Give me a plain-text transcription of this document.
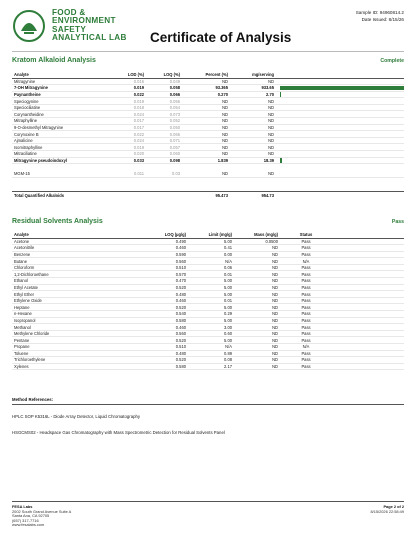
FOOD &
ENVIRONMENT
SAFETY
ANALYTICAL LAB
Sample ID: 94960814.2
Date Issued: 8/15/26
Certificate of Analysis
Kratom Alkaloid Analysis	Complete
Analyte	LOD (%)	LOQ (%)	Percent (%)	mg/serving	
Mitragynine	0.016	0.049	ND	ND	
7-OH Mitragynine	0.019	0.058	93.365	933.65	

Paynantheine	0.022	0.066	0.270	2.70	

Speciogynine	0.019	0.056	ND	ND	
Speciociliatine	0.018	0.054	ND	ND	
Corynantheidine	0.024	0.073	ND	ND	
Mitraphylline	0.017	0.052	ND	ND	
9-O-desmethyl Mitragynine	0.017	0.050	ND	ND	
Corynoxine B	0.022	0.066	ND	ND	
Ajmalicine	0.024	0.071	ND	ND	
Isomitraphylline	0.019	0.057	ND	ND	
Mitraciliatine	0.020	0.060	ND	ND	
Mitragynine pseudoindoxyl	0.033	0.098	1.839	18.39	

MGM-15	0.011	0.03	ND	ND	

Total Quantified Alkaloids			95.473	954.73	
Residual Solvents Analysis	Pass
Analyte	LOQ (µg/g)	Limit (mg/g)	Mass (mg/g)	Status	
Acetone	0.490	5.00	0.0500	Pass	
Acetonitrile	0.460	0.41	ND	Pass	
Benzene	0.590	0.00	ND	Pass	
Butane	0.560	N/A	ND	N/A	
Chloroform	0.510	0.06	ND	Pass	
1,2-Dichloroethane	0.570	0.01	ND	Pass	
Ethanol	0.470	5.00	ND	Pass	
Ethyl Acetate	0.520	5.00	ND	Pass	
Ethyl Ether	0.480	5.00	ND	Pass	
Ethylene Oxide	0.460	0.01	ND	Pass	
Heptane	0.520	5.00	ND	Pass	
n-Hexane	0.540	0.29	ND	Pass	
Isopropanol	0.580	5.00	ND	Pass	
Methanol	0.460	3.00	ND	Pass	
Methylene Chloride	0.560	0.60	ND	Pass	
Pentane	0.520	5.00	ND	Pass	
Propane	0.510	N/A	ND	N/A	
Toluene	0.480	0.89	ND	Pass	
Trichloroethylene	0.520	0.08	ND	Pass	
Xylenes	0.580	2.17	ND	Pass	
Method References:
HPLC SOP K5316L - Diode Array Detector, Liquid Chromatography
HSGCMS02 - Headspace Gas Chromatography with Mass Spectrometric Detection for Residual Solvents Panel
FESA Labs
2002 South Grand Avenue Suite A
Santa Ana, CA 92705
(657) 317-7716
www.fesalabs.com
Page 2 of 2
8/15/2026 22:58:49
